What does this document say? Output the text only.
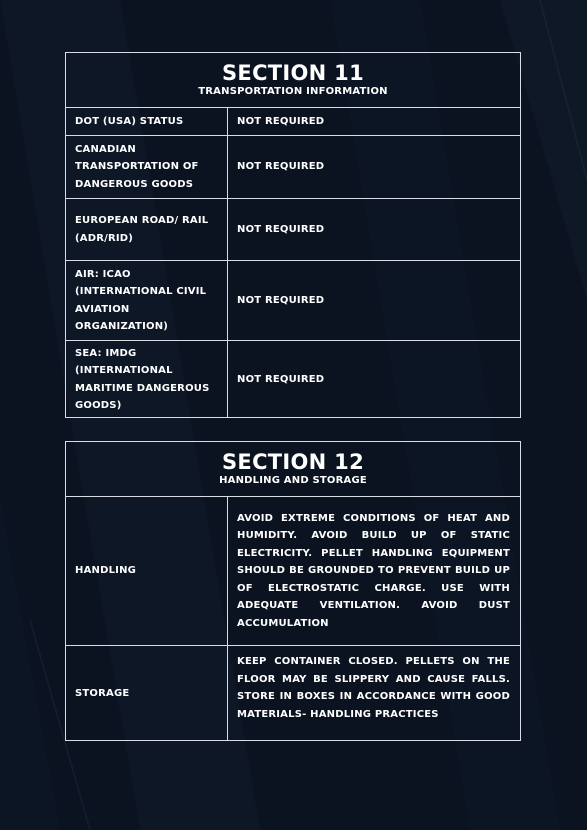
SECTION 11
TRANSPORTATION INFORMATION
DOT (USA) STATUS	NOT REQUIRED
CANADIAN TRANSPORTATION OF DANGEROUS GOODS
NOT REQUIRED
EUROPEAN ROAD/ RAIL (ADR/RID)
NOT REQUIRED
AIR: ICAO (INTERNATIONAL CIVIL AVIATION ORGANIZATION)
NOT REQUIRED
SEA: IMDG (INTERNATIONAL MARITIME DANGEROUS GOODS)
NOT REQUIRED
SECTION 12
HANDLING AND STORAGE
HANDLING
AVOID EXTREME CONDITIONS OF HEAT AND HUMIDITY. AVOID BUILD UP OF STATIC ELECTRICITY. PELLET HANDLING EQUIPMENT SHOULD BE GROUNDED TO PREVENT BUILD UP OF ELECTROSTATIC CHARGE. USE WITH ADEQUATE VENTILATION. AVOID DUST ACCUMULATION
STORAGE
KEEP CONTAINER CLOSED. PELLETS ON THE FLOOR MAY BE SLIPPERY AND CAUSE FALLS. STORE IN BOXES IN ACCORDANCE WITH GOOD MATERIALS- HANDLING PRACTICES
